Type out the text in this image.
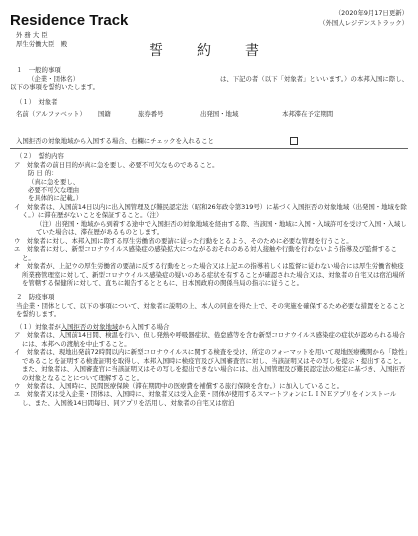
Residence Track
外 務 大 臣
厚生労働大臣　殿
（2020年9月17日更新）
（外国人レジデンストラック）
誓　約　書

１　一般的事項

（企業・団体名）	は、下記の者（以下「対象者」といいます。）の本邦入国に際し、

以下の事項を誓約いたします。

（１）　対象者

名前（アルファベット）	国籍	旅券番号	出発国・地域	本邦滞在予定期間
入国拒否の対象地域から入国する場合、右欄にチェックを入れること

（２）　誓約内容

ア　対象者の前日目的が真に急を要し、必要不可欠なものであること。

防 日 的：

（真に急を要し、

必要不可欠な理由

を具体的に記載。）

イ　対象者は、入国前14日以内に出入国管理及び難民認定法（昭和26年政令第319号）に基づく入国拒否の対象地域（出発国・地域を除く。）に滞在歴がないことを保証すること。（注）

（注）出発国・地域から到着する途中で入国拒否の対象地域を経由する際、当該国・地域に入国・入域許可を受けて入国・入域していた場合は、滞在歴があるものとします。

ウ　対象者に対し、本邦入国に際する厚生労働省の要請に従った行動をとるよう、そのために必要な管理を行うこと。

エ　対象者に対し、新型コロナウイルス感染症の感染拡大につながるおそれのある対人接触や行動を行わないよう指導及び監督すること。

オ　対象者が、上記ウの厚生労働省の要請に反する行動をとった場合又は上記エの指導若しくは監督に従わない場合には厚生労働省検疫所業務管理室に対して、新型コロナウイルス感染症の疑いのある症状を有することが確認された場合又は、対象者の自宅又は宿泊場所を管轄する保健所に対して、直ちに報告するとともに、日本国政府の関係当局の指示に従うこと。

２　防疫事項

当企業・団体として、以下の事項について、対象者に説明の上、本人の同意を得た上で、その実施を確保するため必要な措置をとることを誓約します。

（１）対象者が入国拒否の対象地域から入国する場合

ア　対象者は、入国前14日間、検温を行い、但し発熱や呼吸器症状、倦怠感等を含む新型コロナウイルス感染症の症状が認められる場合には、本邦への渡航を中止すること。

イ　対象者は、現地出発前72時間以内に新型コロナウイルスに関する検査を受け、所定のフォーマットを用いて現地医療機関から「陰性」であることを証明する検査証明を取得し、本邦入国時に検疫官及び入国審査官に対し、当該証明又はその写しを提示・提出すること。また、対象者は、入国審査官に当該証明又はその写しを提出できない場合には、出入国管理及び難民認定法の規定に基づき、入国拒否の対象となることについて理解すること。

ウ　対象者は、入国時に、民間医療保険（滞在期間中の医療費を補償する旅行保険を含む。）に加入していること。

エ　対象者又は受入企業・団体は、入国時に、対象者又は受入企業・団体が使用するスマートフォンにＬＩＮＥアプリをインストールし、また、入国後14日間毎日、同アプリを活用し、対象者の自宅又は宿泊
